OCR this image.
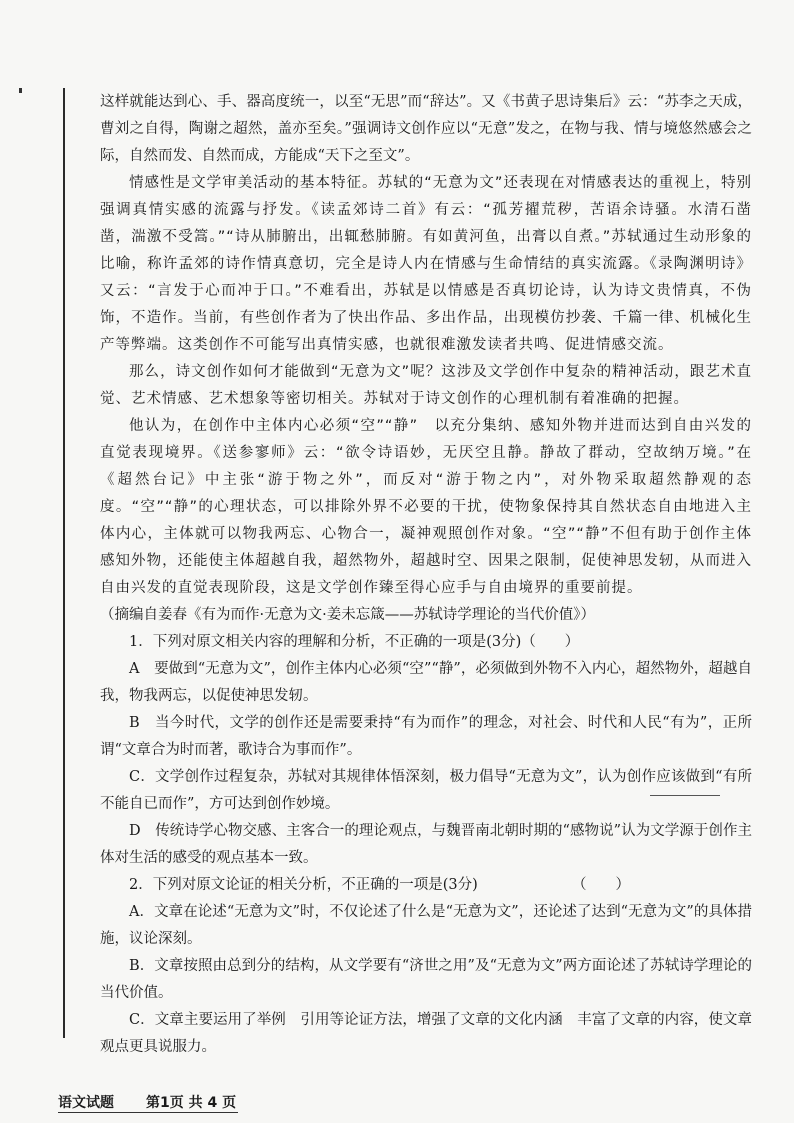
这样就能达到心、手、器高度统一，以至“无思”而“辞达”。又《书黄子思诗集后》云：“苏李之天成，曹刘之自得，陶谢之超然，盖亦至矣。”强调诗文创作应以“无意”发之，在物与我、情与境悠然感会之际，自然而发、自然而成，方能成“天下之至文”。

情感性是文学审美活动的基本特征。苏轼的“无意为文”还表现在对情感表达的重视上，特别强调真情实感的流露与抒发。《读孟郊诗二首》有云：“孤芳擢荒秽，苦语余诗骚。水清石凿凿，湍激不受篙。”“诗从肺腑出，出辄愁肺腑。有如黄河鱼，出膏以自煮。”苏轼通过生动形象的比喻，称许孟郊的诗作情真意切，完全是诗人内在情感与生命情结的真实流露。《录陶渊明诗》又云：“言发于心而冲于口。”不难看出，苏轼是以情感是否真切论诗，认为诗文贵情真，不伪饰，不造作。当前，有些创作者为了快出作品、多出作品，出现模仿抄袭、千篇一律、机械化生产等弊端。这类创作不可能写出真情实感，也就很难激发读者共鸣、促进情感交流。

那么，诗文创作如何才能做到“无意为文”呢？这涉及文学创作中复杂的精神活动，跟艺术直觉、艺术情感、艺术想象等密切相关。苏轼对于诗文创作的心理机制有着准确的把握。

他认为，在创作中主体内心必须“空”“静”　以充分集纳、感知外物并进而达到自由兴发的直觉表现境界。《送参寥师》云：“欲令诗语妙，无厌空且静。静故了群动，空故纳万境。”在《超然台记》中主张“游于物之外”，而反对“游于物之内”，对外物采取超然静观的态度。“空”“静”的心理状态，可以排除外界不必要的干扰，使物象保持其自然状态自由地进入主体内心，主体就可以物我两忘、心物合一，凝神观照创作对象。“空”“静”不但有助于创作主体感知外物，还能使主体超越自我，超然物外，超越时空、因果之限制，促使神思发轫，从而进入自由兴发的直觉表现阶段，这是文学创作臻至得心应手与自由境界的重要前提。

（摘编自姜春《有为而作·无意为文·姜未忘箴——苏轼诗学理论的当代价值》）

1．下列对原文相关内容的理解和分析，不正确的一项是(3分)（　　）

A　要做到“无意为文”，创作主体内心必须“空”“静”，必须做到外物不入内心，超然物外，超越自我，物我两忘，以促使神思发轫。

B　当今时代，文学的创作还是需要秉持“有为而作”的理念，对社会、时代和人民“有为”，正所谓“文章合为时而著，歌诗合为事而作”。

C．文学创作过程复杂，苏轼对其规律体悟深刻，极力倡导“无意为文”，认为创作应该做到“有所不能自已而作”，方可达到创作妙境。

D　传统诗学心物交感、主客合一的理论观点，与魏晋南北朝时期的“感物说”认为文学源于创作主体对生活的感受的观点基本一致。

2．下列对原文论证的相关分析，不正确的一项是(3分)　　　　　　　（　　）

A．文章在论述“无意为文”时，不仅论述了什么是“无意为文”，还论述了达到“无意为文”的具体措施，议论深刻。

B．文章按照由总到分的结构，从文学要有“济世之用”及“无意为文”两方面论述了苏轼诗学理论的当代价值。

C．文章主要运用了举例　引用等论证方法，增强了文章的文化内涵　丰富了文章的内容，使文章观点更具说服力。

语文试题 第1页 共 4 页
